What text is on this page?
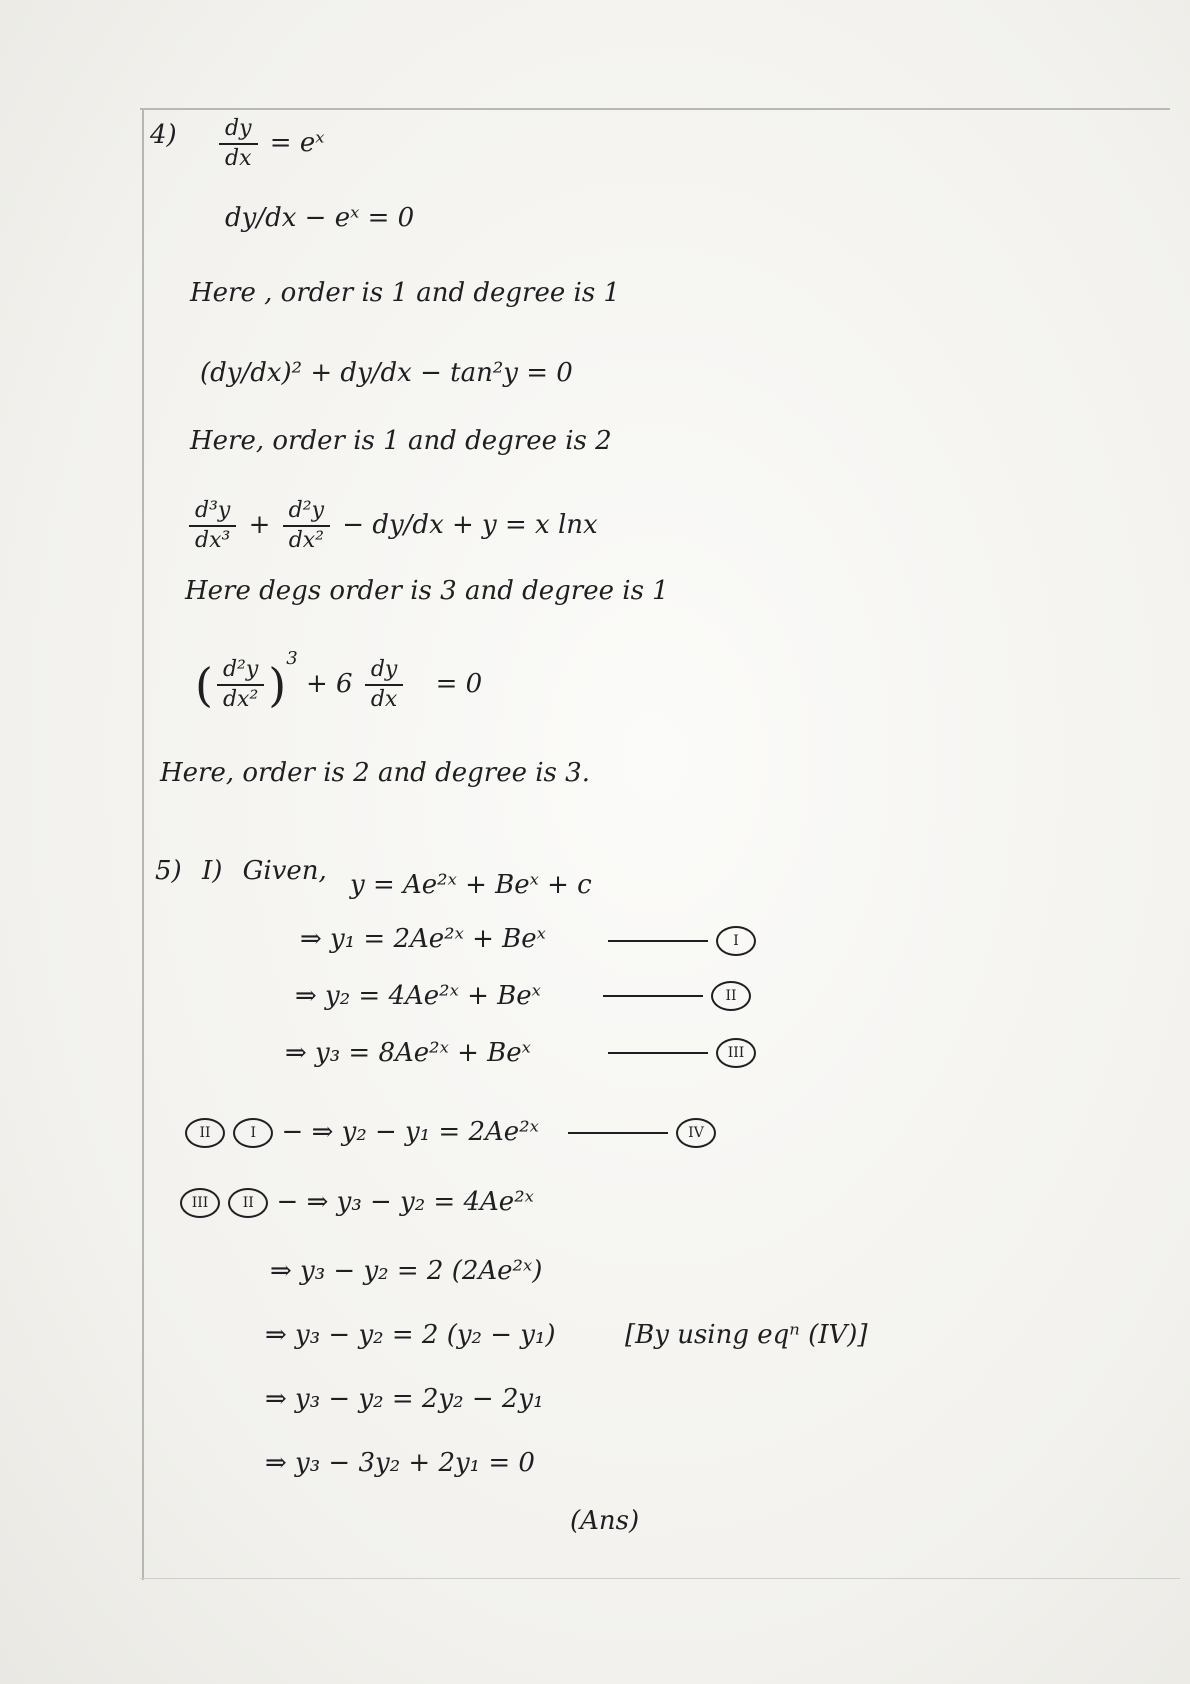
$4) \frac{dy}{dx}$ = eˣ
dy/dx − eˣ = 0
Here , order is 1 and degree is 1
(dy/dx)² + dy/dx − tan²y = 0
Here, order is 1 and degree is 2
$\frac{\text{d³y}}{\text{dx³}} + \frac{\text{d²y}}{\text{dx²}} - dy/dx + y = x$ lnx
Here degs order is 3 and degree is 1
( $\frac{\text{d²y}}{\text{dx²}} )^3 + 6 \frac{dy}{dx} = 0$
Here, order is 2 and degree is 3.
5) I) Given, y = Ae²ˣ + Beˣ + c
⇒ y₁ = 2Ae²ˣ + Beˣ	I
⇒ y₂ = 4Ae²ˣ + Beˣ	II
⇒ y₃ = 8Ae²ˣ + Beˣ	III
II	I − ⇒ y₂ − y₁ = 2Ae²ˣ	IV
III II − ⇒ y₃ − y₂ = 4Ae²ˣ
⇒ y₃ − y₂ = 2 (2Ae²ˣ)
⇒ y₃ − y₂ = 2 (y₂ − y₁)	[By using eqⁿ (IV)]
⇒ y₃ − y₂ = 2y₂ − 2y₁
⇒ y₃ − 3y₂ + 2y₁ = 0
(Ans)
